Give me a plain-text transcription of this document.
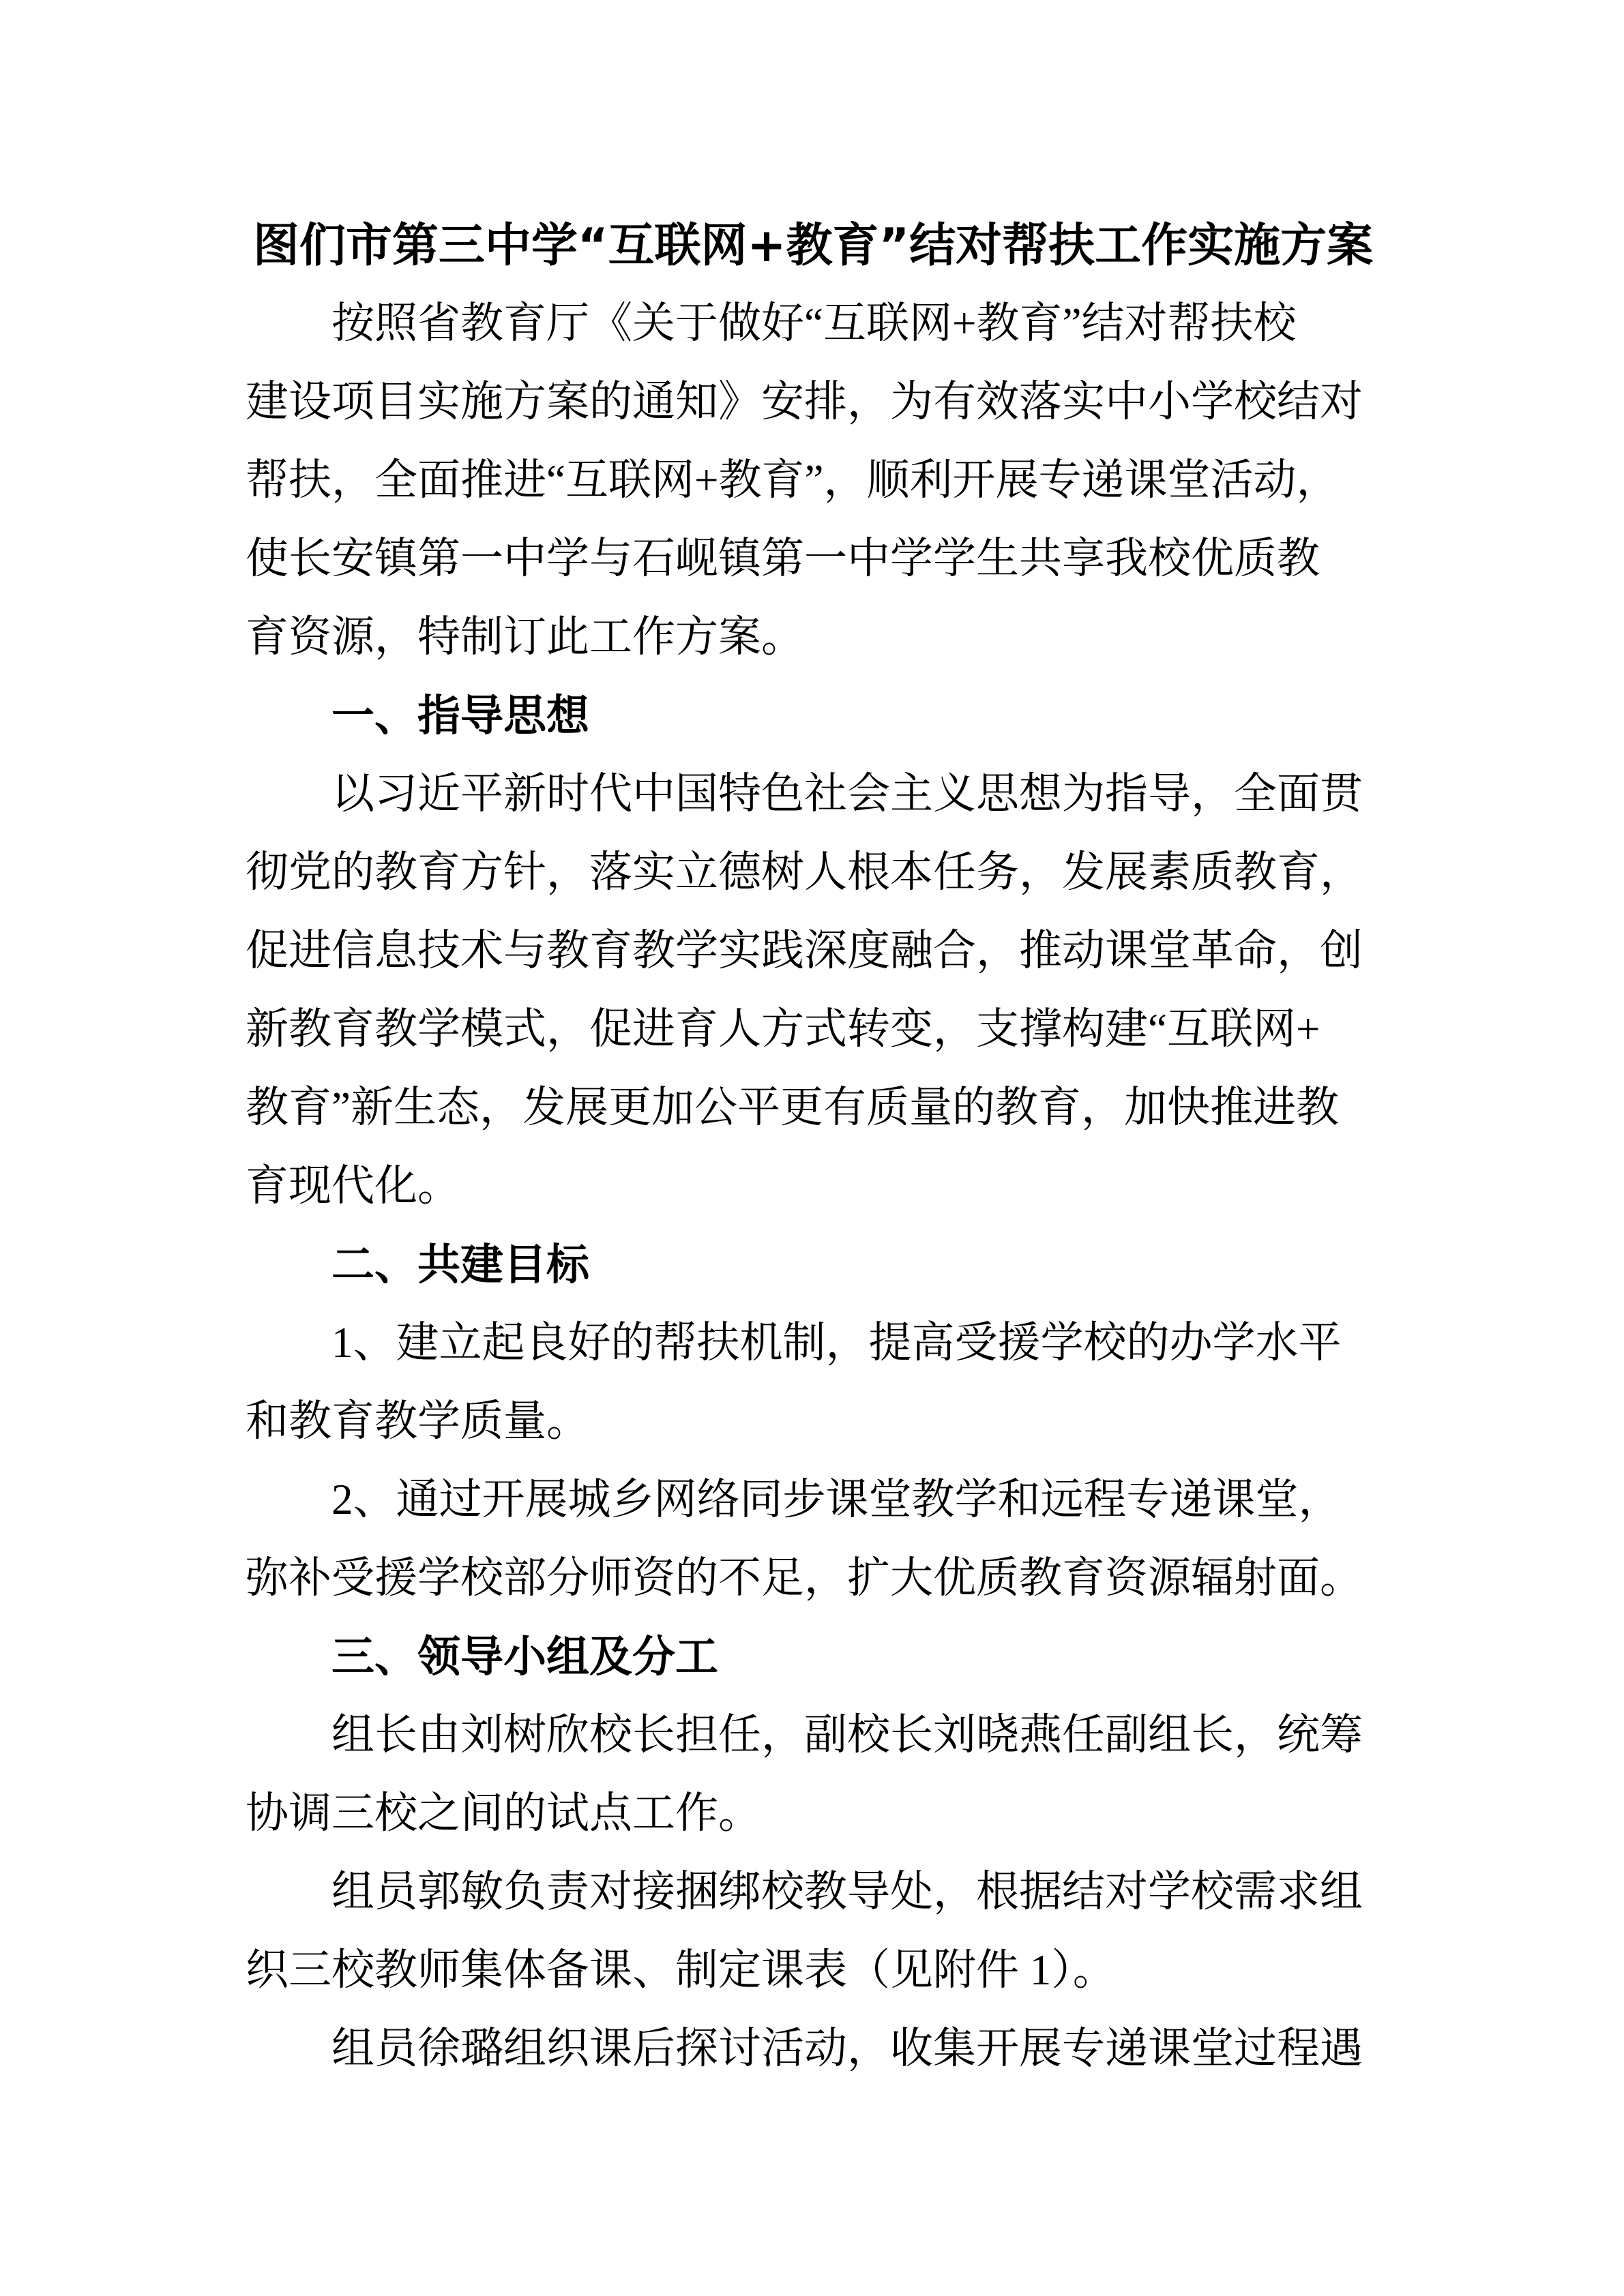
图们市第三中学“互联网+教育”结对帮扶工作实施方案
按照省教育厅《关于做好“互联网+教育”结对帮扶校
建设项目实施方案的通知》安排，为有效落实中小学校结对
帮扶，全面推进“互联网+教育”，顺利开展专递课堂活动，
使长安镇第一中学与石岘镇第一中学学生共享我校优质教
育资源，特制订此工作方案。
一、指导思想
以习近平新时代中国特色社会主义思想为指导，全面贯
彻党的教育方针，落实立德树人根本任务，发展素质教育，
促进信息技术与教育教学实践深度融合，推动课堂革命，创
新教育教学模式，促进育人方式转变，支撑构建“互联网+
教育”新生态，发展更加公平更有质量的教育，加快推进教
育现代化。
二、共建目标
1、建立起良好的帮扶机制，提高受援学校的办学水平
和教育教学质量。
2、通过开展城乡网络同步课堂教学和远程专递课堂，
弥补受援学校部分师资的不足，扩大优质教育资源辐射面。
三、领导小组及分工
组长由刘树欣校长担任，副校长刘晓燕任副组长，统筹
协调三校之间的试点工作。
组员郭敏负责对接捆绑校教导处，根据结对学校需求组
织三校教师集体备课、制定课表（见附件 1）。
组员徐璐组织课后探讨活动，收集开展专递课堂过程遇
